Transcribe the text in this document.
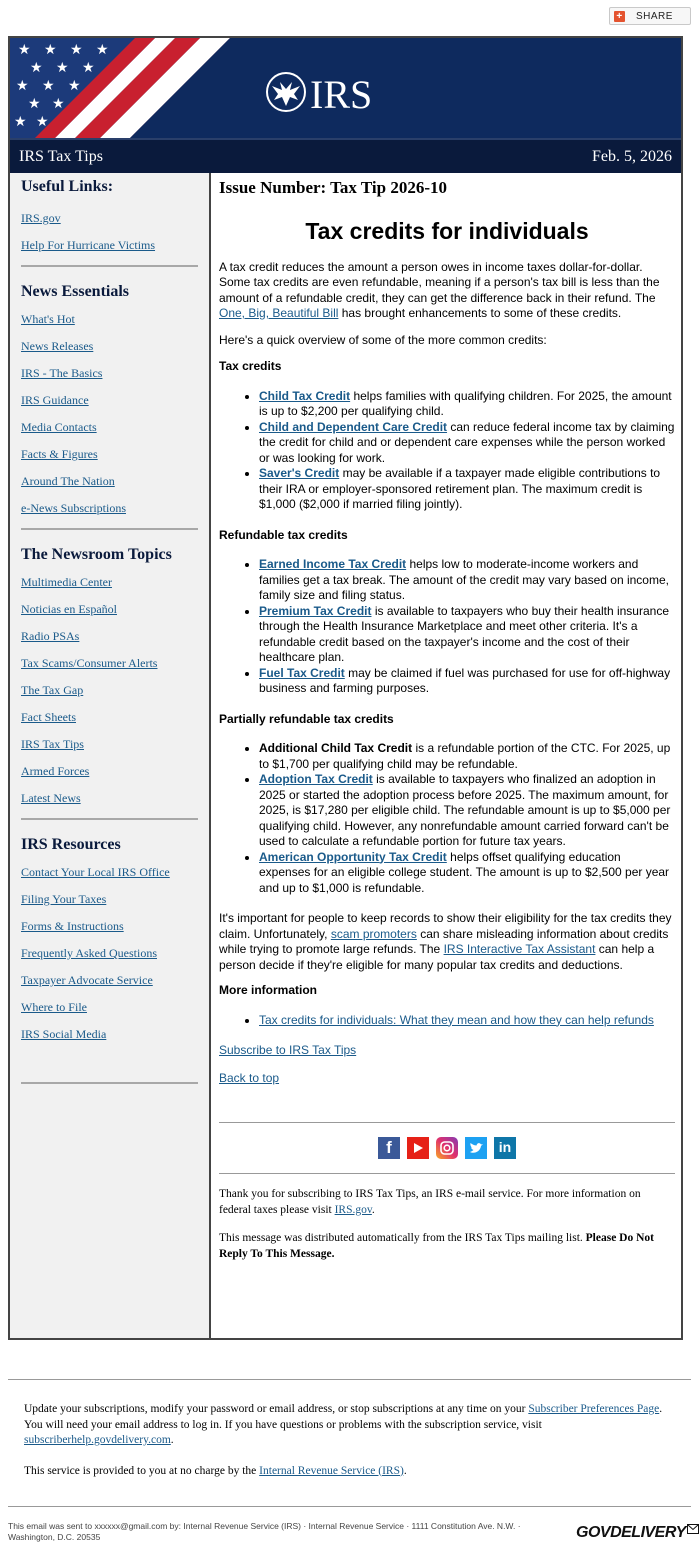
+ SHARE
★ ★ ★ ★
★ ★ ★
★ ★ ★
★ ★
★ ★
IRS
IRS Tax Tips	Feb. 5, 2026
Useful Links:
IRS.gov
Help For Hurricane Victims
News Essentials
What's Hot
News Releases
IRS - The Basics
IRS Guidance
Media Contacts
Facts & Figures
Around The Nation
e-News Subscriptions
The Newsroom Topics
Multimedia Center
Noticias en Español
Radio PSAs
Tax Scams/Consumer Alerts
The Tax Gap
Fact Sheets
IRS Tax Tips
Armed Forces
Latest News
IRS Resources
Contact Your Local IRS Office
Filing Your Taxes
Forms & Instructions
Frequently Asked Questions
Taxpayer Advocate Service
Where to File
IRS Social Media
Issue Number: Tax Tip 2026-10
Tax credits for individuals

A tax credit reduces the amount a person owes in income taxes dollar-for-dollar. Some tax credits are even refundable, meaning if a person's tax bill is less than the amount of a refundable credit, they can get the difference back in their refund. The One, Big, Beautiful Bill has brought enhancements to some of these credits.

Here's a quick overview of some of the more common credits:

Tax credits

• Child Tax Credit helps families with qualifying children. For 2025, the amount is up to $2,200 per qualifying child.
• Child and Dependent Care Credit can reduce federal income tax by claiming the credit for child and or dependent care expenses while the person worked or was looking for work.
• Saver's Credit may be available if a taxpayer made eligible contributions to their IRA or employer-sponsored retirement plan. The maximum credit is $1,000 ($2,000 if married filing jointly).

Refundable tax credits

• Earned Income Tax Credit helps low to moderate-income workers and families get a tax break. The amount of the credit may vary based on income, family size and filing status.
• Premium Tax Credit is available to taxpayers who buy their health insurance through the Health Insurance Marketplace and meet other criteria. It's a refundable credit based on the taxpayer's income and the cost of their healthcare plan.
• Fuel Tax Credit may be claimed if fuel was purchased for use for off-highway business and farming purposes.

Partially refundable tax credits

• Additional Child Tax Credit is a refundable portion of the CTC. For 2025, up to $1,700 per qualifying child may be refundable.
• Adoption Tax Credit is available to taxpayers who finalized an adoption in 2025 or started the adoption process before 2025. The maximum amount, for 2025, is $17,280 per eligible child. The refundable amount is up to $5,000 per qualifying child. However, any nonrefundable amount carried forward can't be used to calculate a refundable portion for future tax years.
• American Opportunity Tax Credit helps offset qualifying education expenses for an eligible college student. The amount is up to $2,500 per year and up to $1,000 is refundable.

It's important for people to keep records to show their eligibility for the tax credits they claim. Unfortunately, scam promoters can share misleading information about credits while trying to promote large refunds. The IRS Interactive Tax Assistant can help a person decide if they're eligible for many popular tax credits and deductions.

More information

• Tax credits for individuals: What they mean and how they can help refunds

Subscribe to IRS Tax Tips

Back to top

f	in
Thank you for subscribing to IRS Tax Tips, an IRS e-mail service. For more information on federal taxes please visit IRS.gov.
This message was distributed automatically from the IRS Tax Tips mailing list. Please Do Not Reply To This Message.
Update your subscriptions, modify your password or email address, or stop subscriptions at any time on your Subscriber Preferences Page. You will need your email address to log in. If you have questions or problems with the subscription service, visit subscriberhelp.govdelivery.com.
This service is provided to you at no charge by the Internal Revenue Service (IRS).
This email was sent to xxxxxx@gmail.com by: Internal Revenue Service (IRS) · Internal Revenue Service · 1111 Constitution Ave. N.W. · Washington, D.C. 20535	GOVDELIVERY
